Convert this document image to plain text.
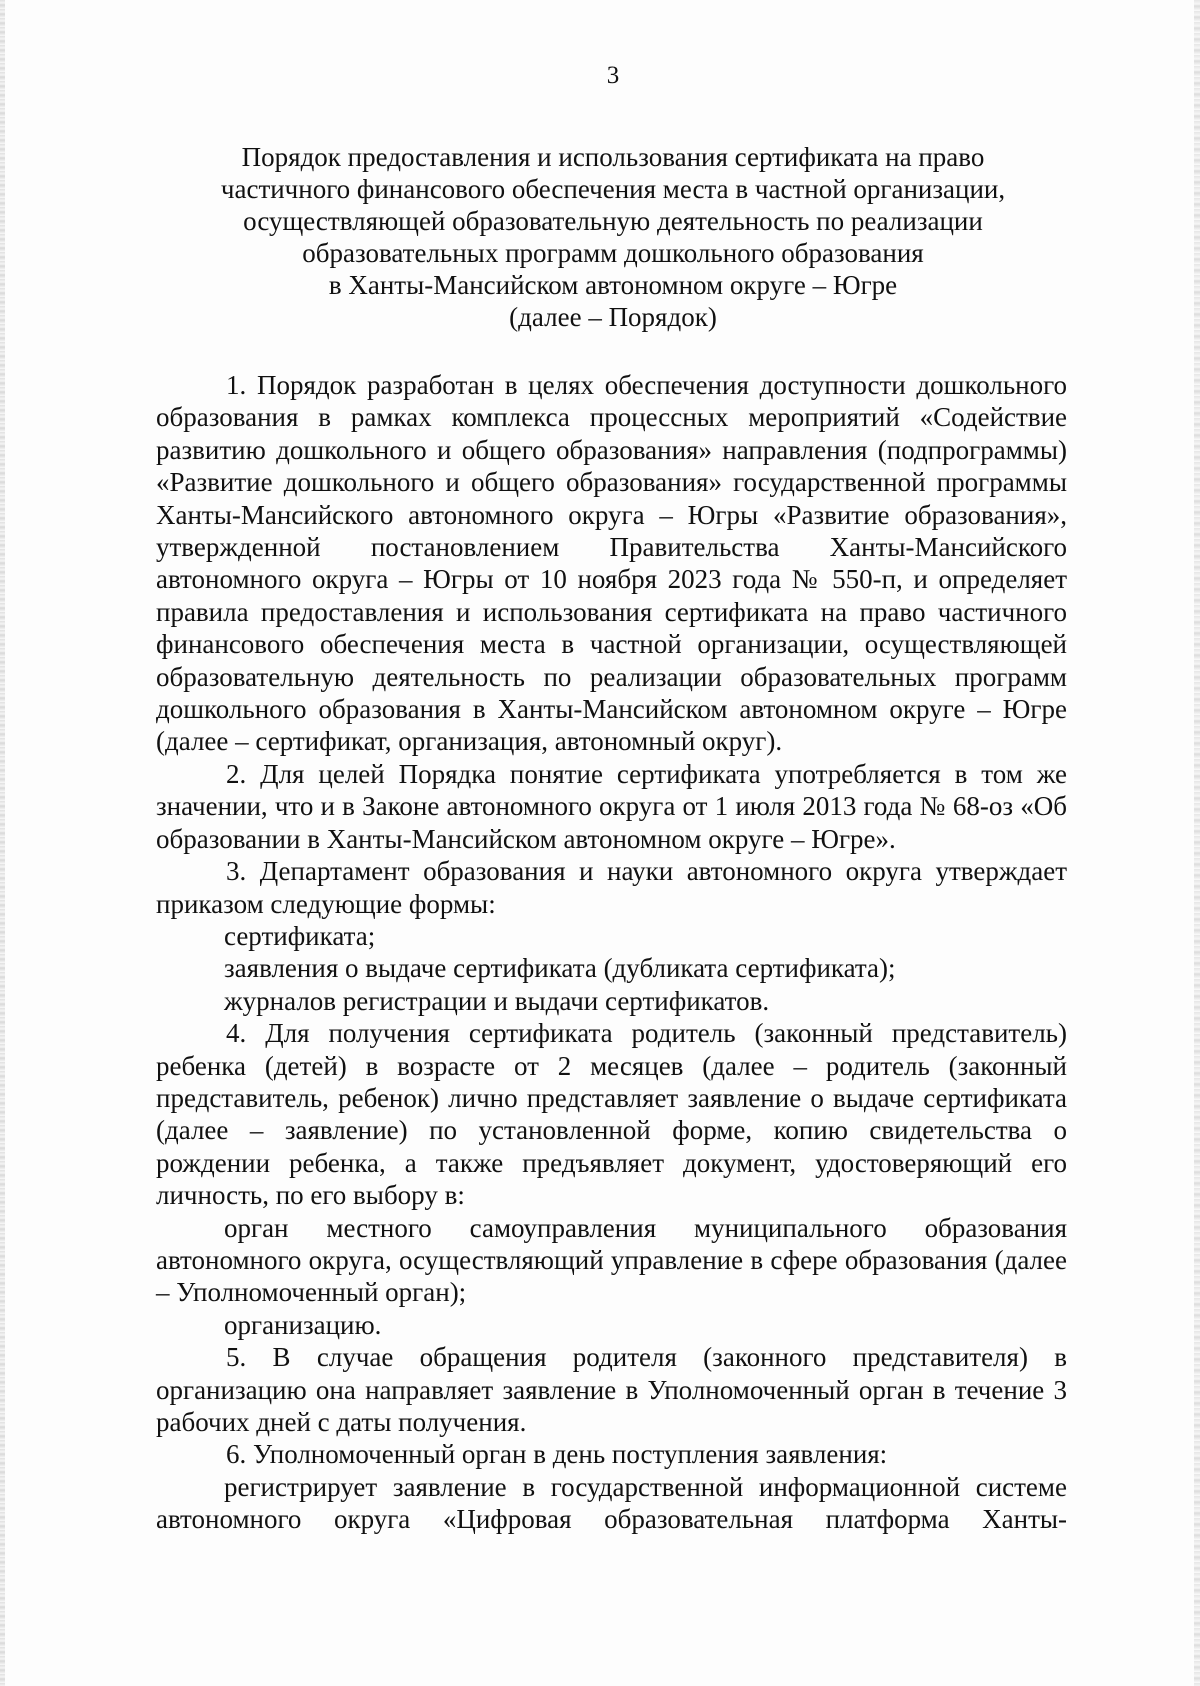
3
Порядок предоставления и использования сертификата на право
частичного финансового обеспечения места в частной организации,
осуществляющей образовательную деятельность по реализации
образовательных программ дошкольного образования
в Ханты-Мансийском автономном округе – Югре
(далее – Порядок)

1. Порядок разработан в целях обеспечения доступности дошкольного образования в рамках комплекса процессных мероприятий «Содействие развитию дошкольного и общего образования» направления (подпрограммы) «Развитие дошкольного и общего образования» государственной программы Ханты-Мансийского автономного округа – Югры «Развитие образования», утвержденной постановлением Правительства Ханты-Мансийского автономного округа – Югры от 10 ноября 2023 года № 550-п, и определяет правила предоставления и использования сертификата на право частичного финансового обеспечения места в частной организации, осуществляющей образовательную деятельность по реализации образовательных программ дошкольного образования в Ханты-Мансийском автономном округе – Югре (далее – сертификат, организация, автономный округ).

2. Для целей Порядка понятие сертификата употребляется в том же значении, что и в Законе автономного округа от 1 июля 2013 года № 68-оз «Об образовании в Ханты-Мансийском автономном округе – Югре».

3. Департамент образования и науки автономного округа утверждает приказом следующие формы:

сертификата;

заявления о выдаче сертификата (дубликата сертификата);

журналов регистрации и выдачи сертификатов.

4. Для получения сертификата родитель (законный представитель) ребенка (детей) в возрасте от 2 месяцев (далее – родитель (законный представитель, ребенок) лично представляет заявление о выдаче сертификата (далее – заявление) по установленной форме, копию свидетельства о рождении ребенка, а также предъявляет документ, удостоверяющий его личность, по его выбору в:

орган местного самоуправления муниципального образования автономного округа, осуществляющий управление в сфере образования (далее – Уполномоченный орган);

организацию.

5. В случае обращения родителя (законного представителя) в организацию она направляет заявление в Уполномоченный орган в течение 3 рабочих дней с даты получения.

6. Уполномоченный орган в день поступления заявления:

регистрирует заявление в государственной информационной системе автономного округа «Цифровая образовательная платформа Ханты-
